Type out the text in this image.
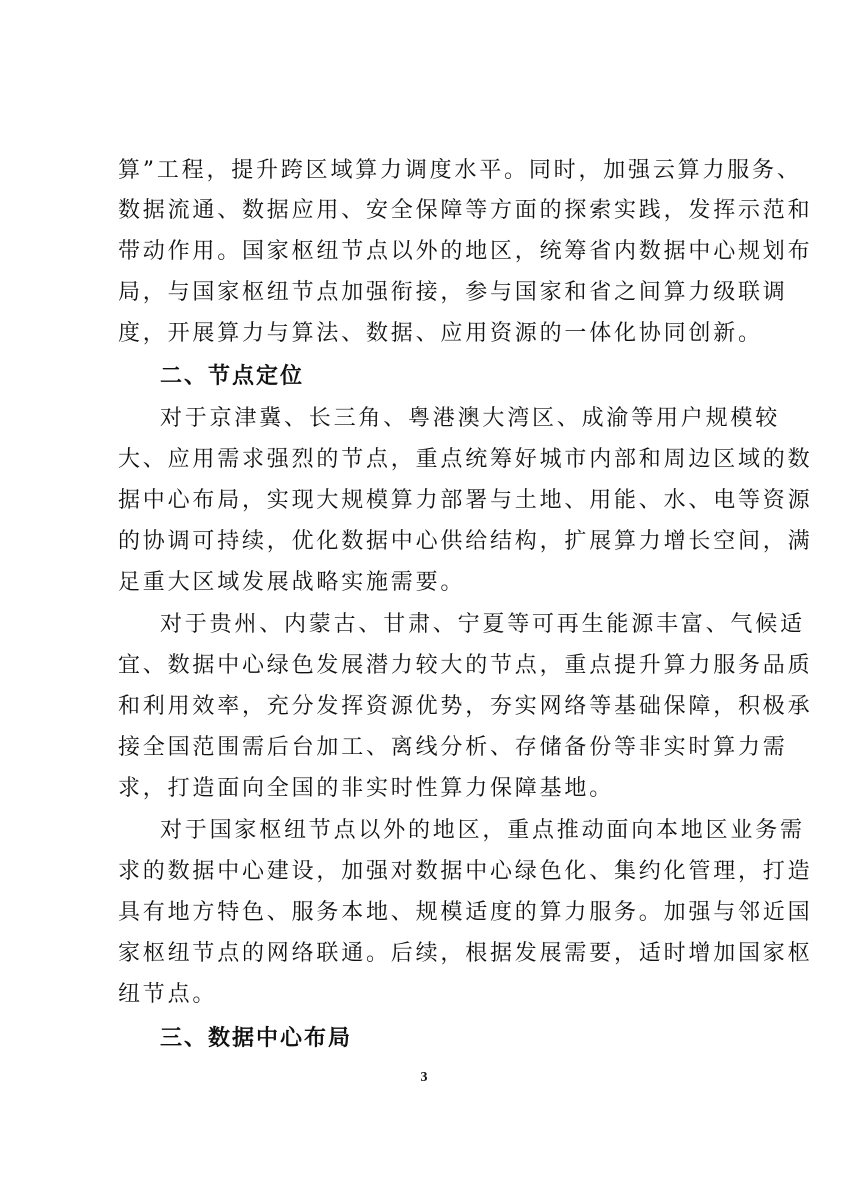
算”工程，提升跨区域算力调度水平。同时，加强云算力服务、
数据流通、数据应用、安全保障等方面的探索实践，发挥示范和
带动作用。国家枢纽节点以外的地区，统筹省内数据中心规划布
局，与国家枢纽节点加强衔接，参与国家和省之间算力级联调
度，开展算力与算法、数据、应用资源的一体化协同创新。
二、节点定位
对于京津冀、长三角、粤港澳大湾区、成渝等用户规模较
大、应用需求强烈的节点，重点统筹好城市内部和周边区域的数
据中心布局，实现大规模算力部署与土地、用能、水、电等资源
的协调可持续，优化数据中心供给结构，扩展算力增长空间，满
足重大区域发展战略实施需要。
对于贵州、内蒙古、甘肃、宁夏等可再生能源丰富、气候适
宜、数据中心绿色发展潜力较大的节点，重点提升算力服务品质
和利用效率，充分发挥资源优势，夯实网络等基础保障，积极承
接全国范围需后台加工、离线分析、存储备份等非实时算力需
求，打造面向全国的非实时性算力保障基地。
对于国家枢纽节点以外的地区，重点推动面向本地区业务需
求的数据中心建设，加强对数据中心绿色化、集约化管理，打造
具有地方特色、服务本地、规模适度的算力服务。加强与邻近国
家枢纽节点的网络联通。后续，根据发展需要，适时增加国家枢
纽节点。
三、数据中心布局
3
